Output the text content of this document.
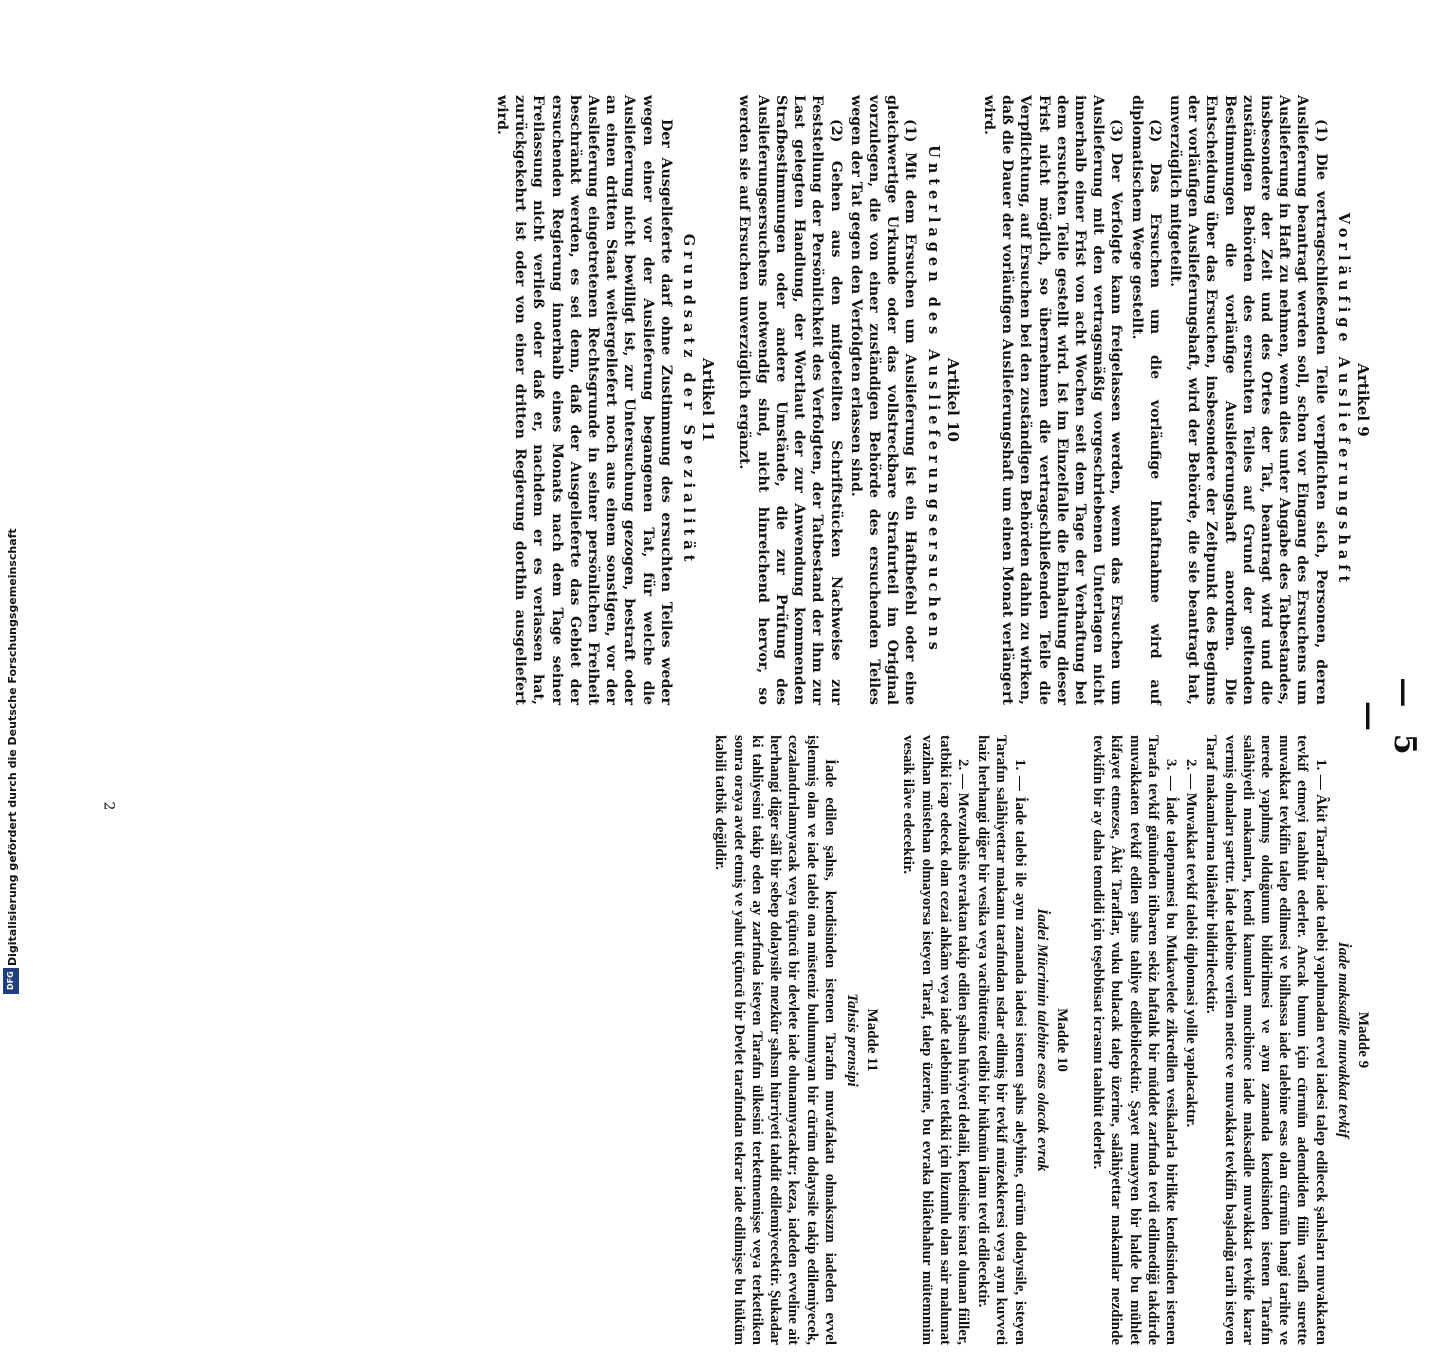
— 5 —
Artikel 9
Vorläufige Auslieferungshaft

(1) Die vertragschließenden Teile verpflichten sich, Personen, deren Auslieferung beantragt werden soll, schon vor Eingang des Ersuchens um Auslieferung in Haft zu nehmen, wenn dies unter Angabe des Tatbestandes, insbesondere der Zeit und des Ortes der Tat, beantragt wird und die zuständigen Behörden des ersuchten Teiles auf Grund der geltenden Bestimmungen die vorläufige Auslieferungshaft anordnen. Die Entscheidung über das Ersuchen, insbesondere der Zeitpunkt des Beginns der vorläufigen Auslieferungshaft, wird der Behörde, die sie beantragt hat, unverzüglich mitgeteilt.

(2) Das Ersuchen um die vorläufige Inhaftnahme wird auf diplomatischem Wege gestellt.

(3) Der Verfolgte kann freigelassen werden, wenn das Ersuchen um Auslieferung mit den vertragsmäßig vorgeschriebenen Unterlagen nicht innerhalb einer Frist von acht Wochen seit dem Tage der Verhaftung bei dem ersuchten Teile gestellt wird. Ist im Einzelfalle die Einhaltung dieser Frist nicht möglich, so übernehmen die vertragschließenden Teile die Verpflichtung, auf Ersuchen bei den zuständigen Behörden dahin zu wirken, daß die Dauer der vorläufigen Auslieferungshaft um einen Monat verlängert wird.

Artikel 10
Unterlagen des Auslieferungsersuchens

(1) Mit dem Ersuchen um Auslieferung ist ein Haftbefehl oder eine gleichwertige Urkunde oder das vollstreckbare Strafurteil im Original vorzulegen, die von einer zuständigen Behörde des ersuchenden Teiles wegen der Tat gegen den Verfolgten erlassen sind.

(2) Gehen aus den mitgeteilten Schriftstücken Nachweise zur Feststellung der Persönlichkeit des Verfolgten, der Tatbestand der ihm zur Last gelegten Handlung, der Wortlaut der zur Anwendung kommenden Strafbestimmungen oder andere Umstände, die zur Prüfung des Auslieferungsersuchens notwendig sind, nicht hinreichend hervor, so werden sie auf Ersuchen unverzüglich ergänzt.

Artikel 11
Grundsatz der Spezialität

Der Ausgelieferte darf ohne Zustimmung des ersuchten Teiles weder wegen einer vor der Auslieferung begangenen Tat, für welche die Auslieferung nicht bewilligt ist, zur Untersuchung gezogen, bestraft oder an einen dritten Staat weitergeliefert noch aus einem sonstigen, vor der Auslieferung eingetretenen Rechtsgrunde in seiner persönlichen Freiheit beschränkt werden, es sei denn, daß der Ausgelieferte das Gebiet der ersuchenden Regierung innerhalb eines Monats nach dem Tage seiner Freilassung nicht verließ oder daß er, nachdem er es verlassen hat, zurückgekehrt ist oder von einer dritten Regierung dorthin ausgeliefert wird.

Madde 9
İade maksadile muvakkat tevkif

1. — Âkit Taraflar iade talebi yapılmadan evvel iadesi talep edilecek şahısları muvakkaten tevkif etmeyi taahhüt ederler. Ancak bunun için cürmün ademdiden fiilin vasıflı surette muvakkat tevkifin talep edilmesi ve bilhassa iade talebine esas olan cürmün hangi tarihte ve nerede yapılmış olduğunun bildirilmesi ve aynı zamanda kendisinden istenen Tarafın salâhiyetli makamları, kendi kanunları mucibince iade maksadile muvakkat tevkife karar vermiş olmaları şarttır. İade talebine verilen netice ve muvakkat tevkifin başladığı tarih isteyen Taraf makamlarına bilâtehir bildirilecektir.

2. — Muvakkat tevkif talebi diplomasi yolile yapılacaktır.

3. — İade talepnamesi bu Mukavelede zikredilen vesikalarla birlikte kendisinden istenen Tarafa tevkif gününden itibaren sekiz haftalık bir müddet zarfında tevdi edilmediği takdirde muvakkaten tevkif edilen şahıs tahliye edilebilecektir. Şayet muayyen bir halde bu mühlet kifayet etmezse, Âkit Taraflar, vuku bulacak talep üzerine, salâhiyettar makamlar nezdinde tevkifin bir ay daha temdidi için teşebbüsat icrasını taahhüt ederler.

Madde 10
İadei Mücrimin talebine esas olacak evrak

1. — İade talebi ile aynı zamanda iadesi istenen şahıs aleyhine, cürüm dolayısile, isteyen Tarafın salâhiyettar makamı tarafından ısdar edilmiş bir tevkif müzekkeresi veya aynı kuvveti haiz herhangi diğer bir vesika veya vacibütteniz tedibi bir hükmün ilamı tevdi edilecektir.

2. — Mevzubahis evraktan takip edilen şahsın hüviyeti delaili, kendisine isnat olunan fiiller, tatbiki icap edecek olan cezai ahkâm veya iade talebinin tetkiki için lüzumlu olan sair malumat vazihan müstehan olmayorsa isteyen Taraf, talep üzerine, bu evraka bilâtehahur mütemmim vesaik ilâve edecektir.

Madde 11
Tahsis prensipi

İade edilen şahıs, kendisinden istenen Tarafın muvafakatı olmaksızın iadeden evvel işlenmiş olan ve iade talebi ona müsteniz bulunmıyan bir cürüm dolayısile takip edilemiyecek, cezalandırılamıyacak veya üçüncü bir devlete iade olunamıyacaktır; keza, iadeden evveline ait herhangi diğer sâlî bir sebep dolayısile mezkûr şahsın hürriyeti tahdit edilemiyecektir. Şukadar ki tahliyesini takip eden ay zarfında isteyen Tarafın ülkesini terketmemişse veya terkettiken sonra oraya avdet etmiş ve yahut üçüncü bir Devlet tarafından tekrar iade edilmişse bu hüküm kabili tatbik değildir.

2
Digitalisierung gefördert durch die Deutsche Forschungsgemeinschaft
DFG
